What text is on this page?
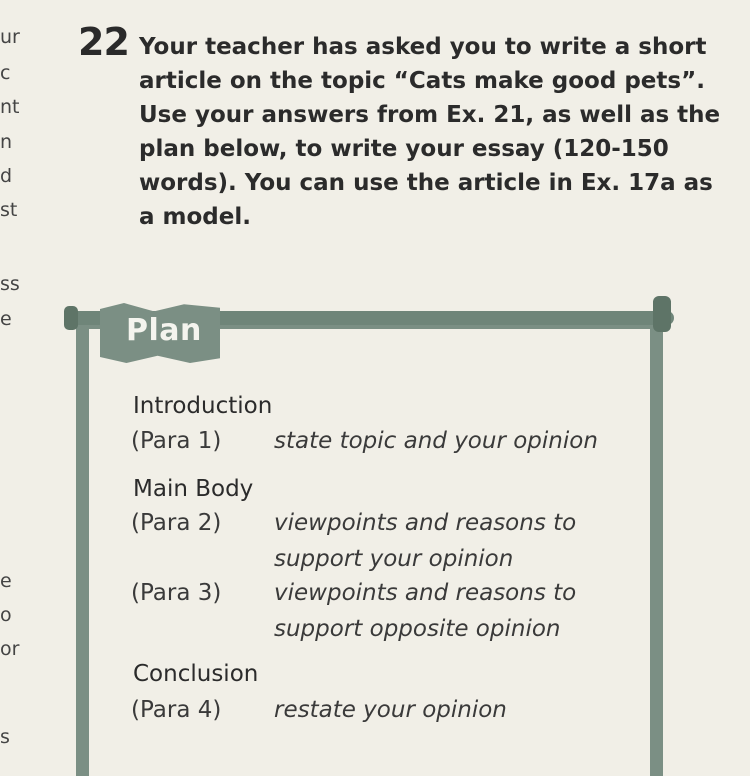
ur
c
nt
n
d
st
ss
e
e
o
or
s
22 Your teacher has asked you to write a short
article on the topic “Cats make good pets”.
Use your answers from Ex. 21, as well as the
plan below, to write your essay (120-150
words). You can use the article in Ex. 17a as
a model.

Plan
Introduction
(Para 1) state topic and your opinion
Main Body
(Para 2) viewpoints and reasons to
support your opinion
(Para 3) viewpoints and reasons to
support opposite opinion
Conclusion
(Para 4) restate your opinion
